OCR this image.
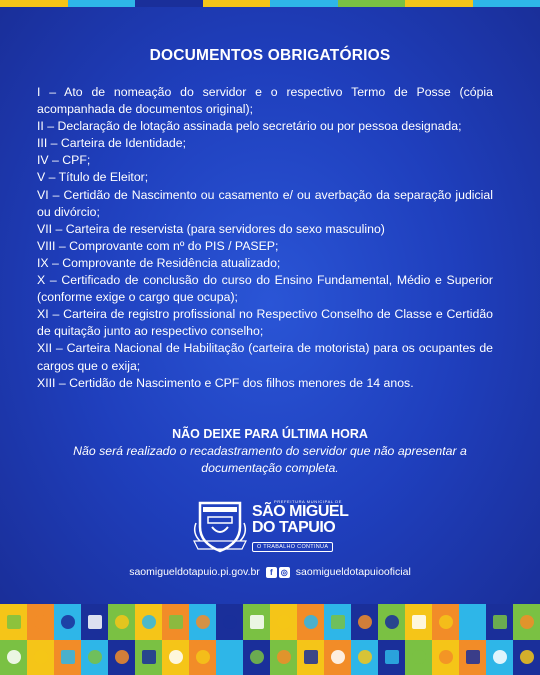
DOCUMENTOS OBRIGATÓRIOS
I – Ato de nomeação do servidor e o respectivo Termo de Posse (cópia acompanhada de documentos original);
II – Declaração de lotação assinada pelo secretário ou por pessoa designada;
III – Carteira de Identidade;
IV – CPF;
V – Título de Eleitor;
VI – Certidão de Nascimento ou casamento e/ ou averbação da separação judicial ou divórcio;
VII – Carteira de reservista (para servidores do sexo masculino)
VIII – Comprovante com nº do PIS / PASEP;
IX – Comprovante de Residência atualizado;
X – Certificado de conclusão do curso do Ensino Fundamental, Médio e Superior (conforme exige o cargo que ocupa);
XI – Carteira de registro profissional no Respectivo Conselho de Classe e Certidão de quitação junto ao respectivo conselho;
XII – Carteira Nacional de Habilitação (carteira de motorista) para os ocupantes de cargos que o exija;
XIII – Certidão de Nascimento e CPF dos filhos menores de 14 anos.
NÃO DEIXE PARA ÚLTIMA HORA
Não será realizado o recadastramento do servidor que não apresentar a documentação completa.
PREFEITURA MUNICIPAL DE
SÃO MIGUEL
DO TAPUIO
O TRABALHO CONTINUA
saomigueldotapuio.pi.gov.br	f	◎ saomigueldotapuiooficial
